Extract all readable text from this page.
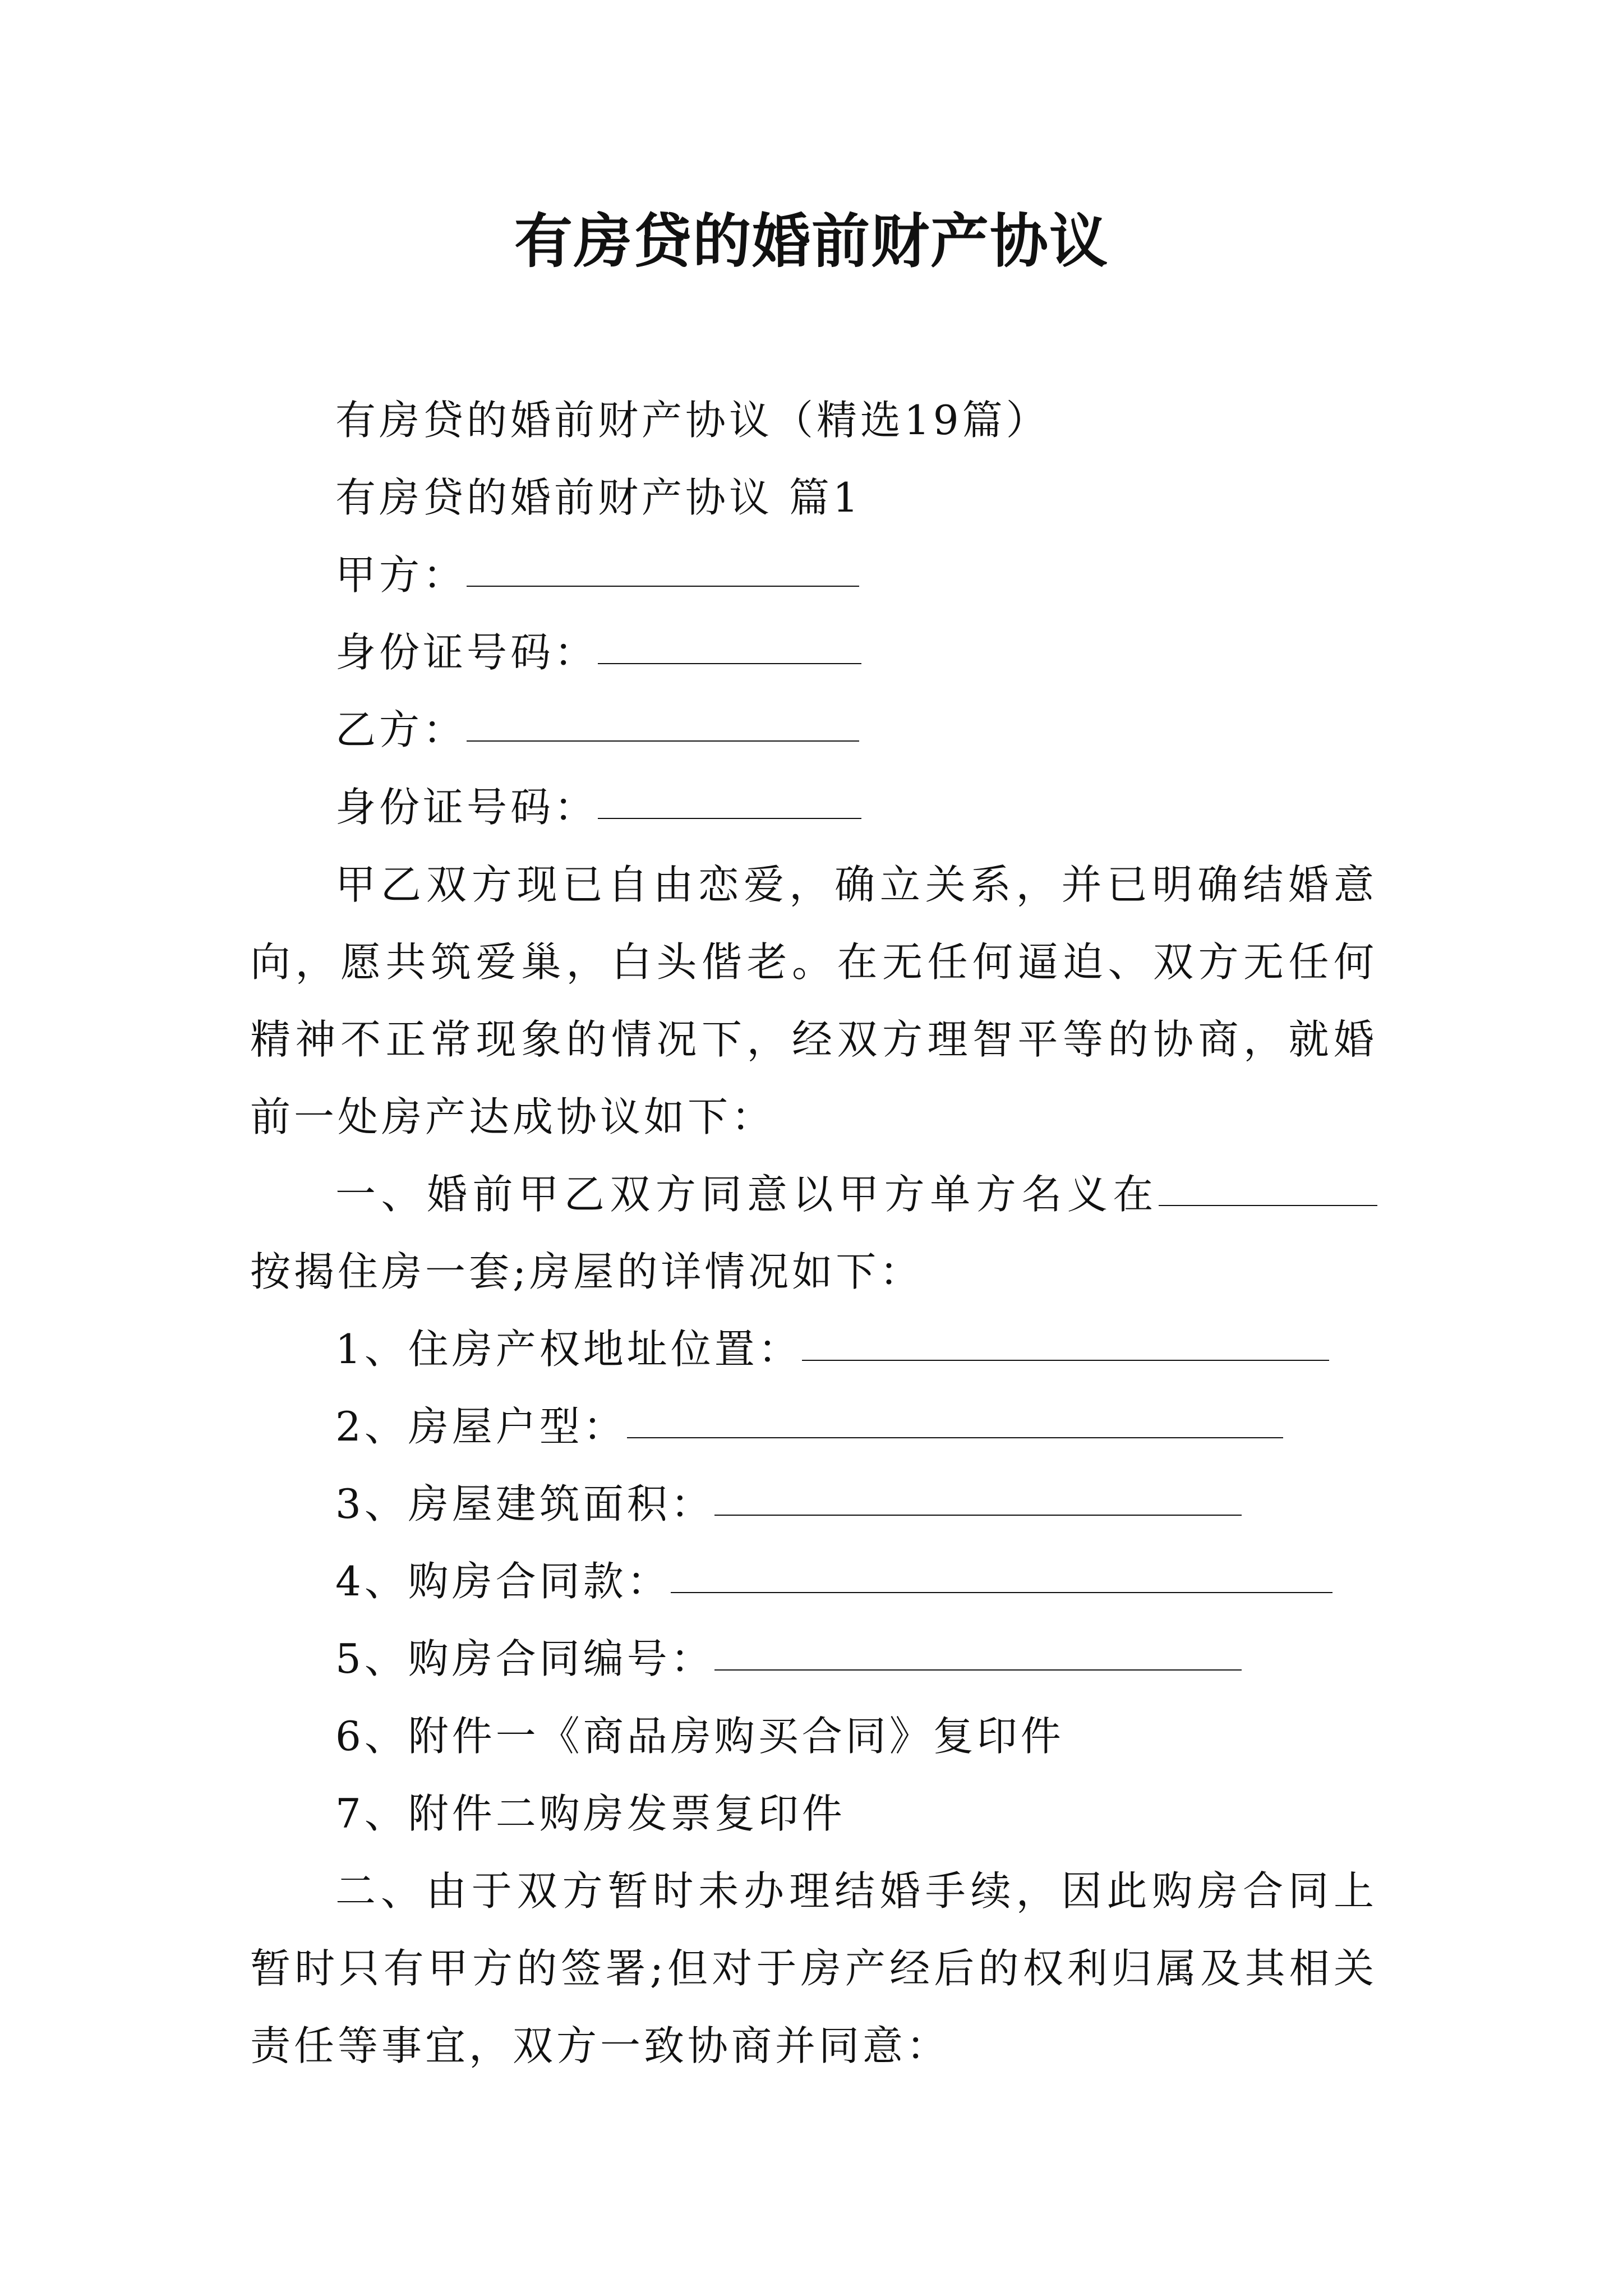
有房贷的婚前财产协议

有房贷的婚前财产协议（精选19篇）

有房贷的婚前财产协议 篇1

甲方：

身份证号码：

乙方：

身份证号码：

甲乙双方现已自由恋爱，确立关系，并已明确结婚意向，愿共筑爱巢，白头偕老。在无任何逼迫、双方无任何精神不正常现象的情况下，经双方理智平等的协商，就婚前一处房产达成协议如下：

一、婚前甲乙双方同意以甲方单方名义在按揭住房一套;房屋的详情况如下：

1、住房产权地址位置：

2、房屋户型：

3、房屋建筑面积：

4、购房合同款：

5、购房合同编号：

6、附件一《商品房购买合同》复印件

7、附件二购房发票复印件

二、由于双方暂时未办理结婚手续，因此购房合同上暂时只有甲方的签署;但对于房产经后的权利归属及其相关责任等事宜，双方一致协商并同意：
